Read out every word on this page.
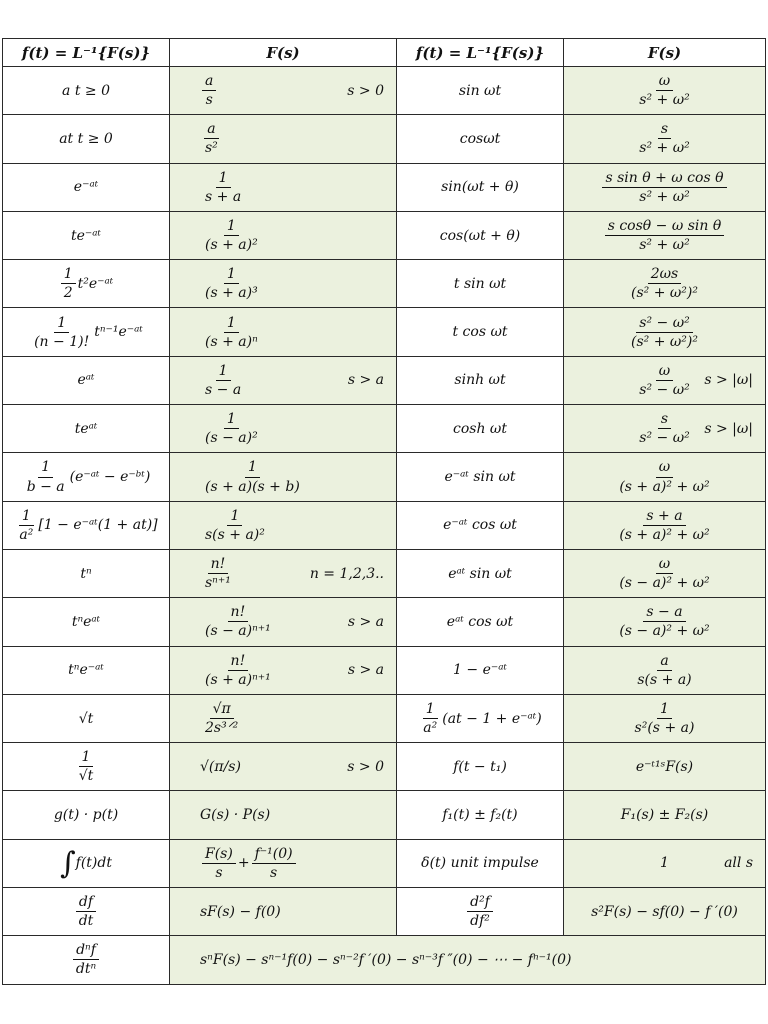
f(t) = L⁻¹{F(s)}	F(s)	f(t) = L⁻¹{F(s)}	F(s)

a t ≥ 0	$\frac{a}{s}$ s > 0	sin ωt	$\frac{\omega}{\text{s² + ω²}}$

at t ≥ 0	$\frac{a}{\text{s²}}$	cosωt	$\frac{s}{\text{s² + ω²}}$

e⁻ᵃᵗ	$\frac{1}{s + a}$	sin(ωt + θ)	$\frac{\text{s sin θ + ω cos θ}}{\text{s² + ω²}}$

te⁻ᵃᵗ	$\frac{1}{\text{(s + a)²}}$	cos(ωt + θ)	$\frac{\text{s cosθ − ω sin θ}}{\text{s² + ω²}}$

$\frac{1}{2}$ t²e⁻ᵃᵗ	$\frac{1}{\text{(s + a)³}}$	t sin ωt	$\frac{2\omega s}{\text{(s² + ω²)²}}$

$\frac{1}{(n - 1)!}$ tⁿ⁻¹e⁻ᵃᵗ	$\frac{1}{\text{(s + a)ⁿ}}$	t cos ωt	$\frac{\text{s² − ω²}}{\text{(s² + ω²)²}}$

eᵃᵗ	$\frac{1}{s - a}$ s > a	sinh ωt	$\frac{\omega}{\text{s² − ω²}}$ s > |ω|

teᵃᵗ	$\frac{1}{\text{(s − a)²}}$	cosh ωt	$\frac{s}{\text{s² − ω²}}$ s > |ω|

$\frac{1}{b - a}$ (e⁻ᵃᵗ − e⁻ᵇᵗ)	$\frac{1}{(s + a)(s + b)}$	e⁻ᵃᵗ sin ωt	$\frac{\omega}{\text{(s + a)² + ω²}}$

$\frac{1}{\text{a²}} [1$ − e⁻ᵃᵗ(1 + at)]	$\frac{1}{\text{s(s + a)²}}$	e⁻ᵃᵗ cos ωt	$\frac{s + a}{\text{(s + a)² + ω²}}$

tⁿ	$\frac{n!}{\text{sⁿ⁺¹}}$ n = 1,2,3..	eᵃᵗ sin ωt	$\frac{\omega}{\text{(s − a)² + ω²}}$

tⁿeᵃᵗ	$\frac{n!}{\text{(s − a)ⁿ⁺¹}}$ s > a	eᵃᵗ cos ωt	$\frac{s - a}{\text{(s − a)² + ω²}}$

tⁿe⁻ᵃᵗ	$\frac{n!}{\text{(s + a)ⁿ⁺¹}}$ s > a	1 − e⁻ᵃᵗ	$\frac{a}{s(s + a)}$

√t	$\frac{√\pi}{\text{2s³ᐟ²}}$	$\frac{1}{\text{a²}} (at - 1$ + e⁻ᵃᵗ)	$\frac{1}{\text{s²(s + a)}}$

$\frac{1}{√t}$	√(π/s) s > 0	f(t − t₁)	e⁻ᵗ¹ˢF(s)

g(t) · p(t)	G(s) · P(s)	f₁(t) ± f₂(t)	F₁(s) ± F₂(s)

∫ f(t)dt	$\frac{F(s)}{s} + \frac{\text{f⁻¹(0)}}{s}$	δ(t) unit impulse	1 all s

$\frac{df}{dt}$	sF(s) − f(0)	$\frac{\text{d²f}}{\text{df²}}$	s²F(s) − sf(0) − f ′(0)

$\frac{\text{dⁿf}}{\text{dtⁿ}}$	sⁿF(s) − sⁿ⁻¹f(0) − sⁿ⁻²f ′(0) − sⁿ⁻³f ″(0) − ⋯ − fⁿ⁻¹(0)		
